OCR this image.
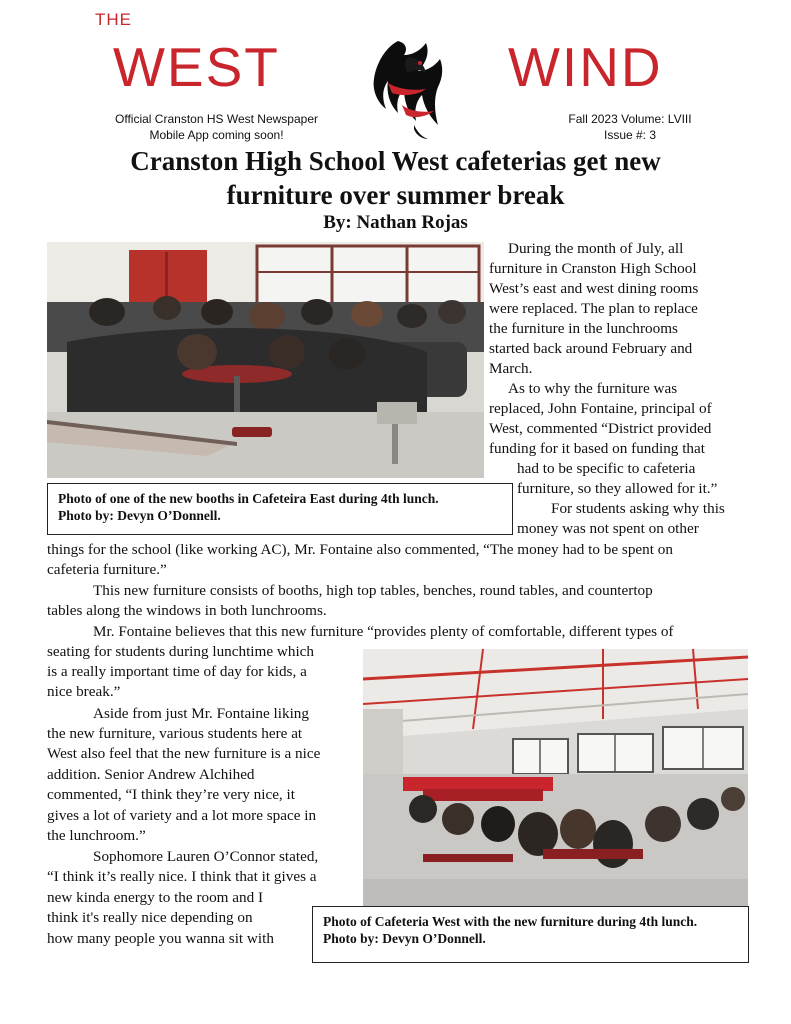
THE
WEST	WIND
Official Cranston HS West Newspaper
Mobile App coming soon!
Fall 2023 Volume: LVIII
Issue #: 3
Cranston High School West cafeterias get new
furniture over summer break
By: Nathan Rojas
Photo of one of the new booths in Cafeteira East during 4th lunch.
Photo by: Devyn O’Donnell.
During the month of July, all
furniture in Cranston High School
West’s east and west dining rooms
were replaced. The plan to replace
the furniture in the lunchrooms
started back around February and
March.
As to why the furniture was
replaced, John Fontaine, principal of
West, commented “District provided
funding for it based on funding that
had to be specific to cafeteria
furniture, so they allowed for it.”
For students asking why this
money was not spent on other
things for the school (like working AC), Mr. Fontaine also commented, “The money had to be spent on
cafeteria furniture.”
This new furniture consists of booths, high top tables, benches, round tables, and countertop
tables along the windows in both lunchrooms.
Mr. Fontaine believes that this new furniture “provides plenty of comfortable, different types of
seating for students during lunchtime which
Photo of Cafeteria West with the new furniture during 4th lunch.
Photo by: Devyn O’Donnell.
is a really important time of day for kids, a
nice break.”
Aside from just Mr. Fontaine liking
the new furniture, various students here at
West also feel that the new furniture is a nice
addition. Senior Andrew Alchihed
commented, “I think they’re very nice, it
gives a lot of variety and a lot more space in
the lunchroom.”
Sophomore Lauren O’Connor stated,
“I think it’s really nice. I think that it gives a
new kinda energy to the room and I
think it's really nice depending on
how many people you wanna sit with
